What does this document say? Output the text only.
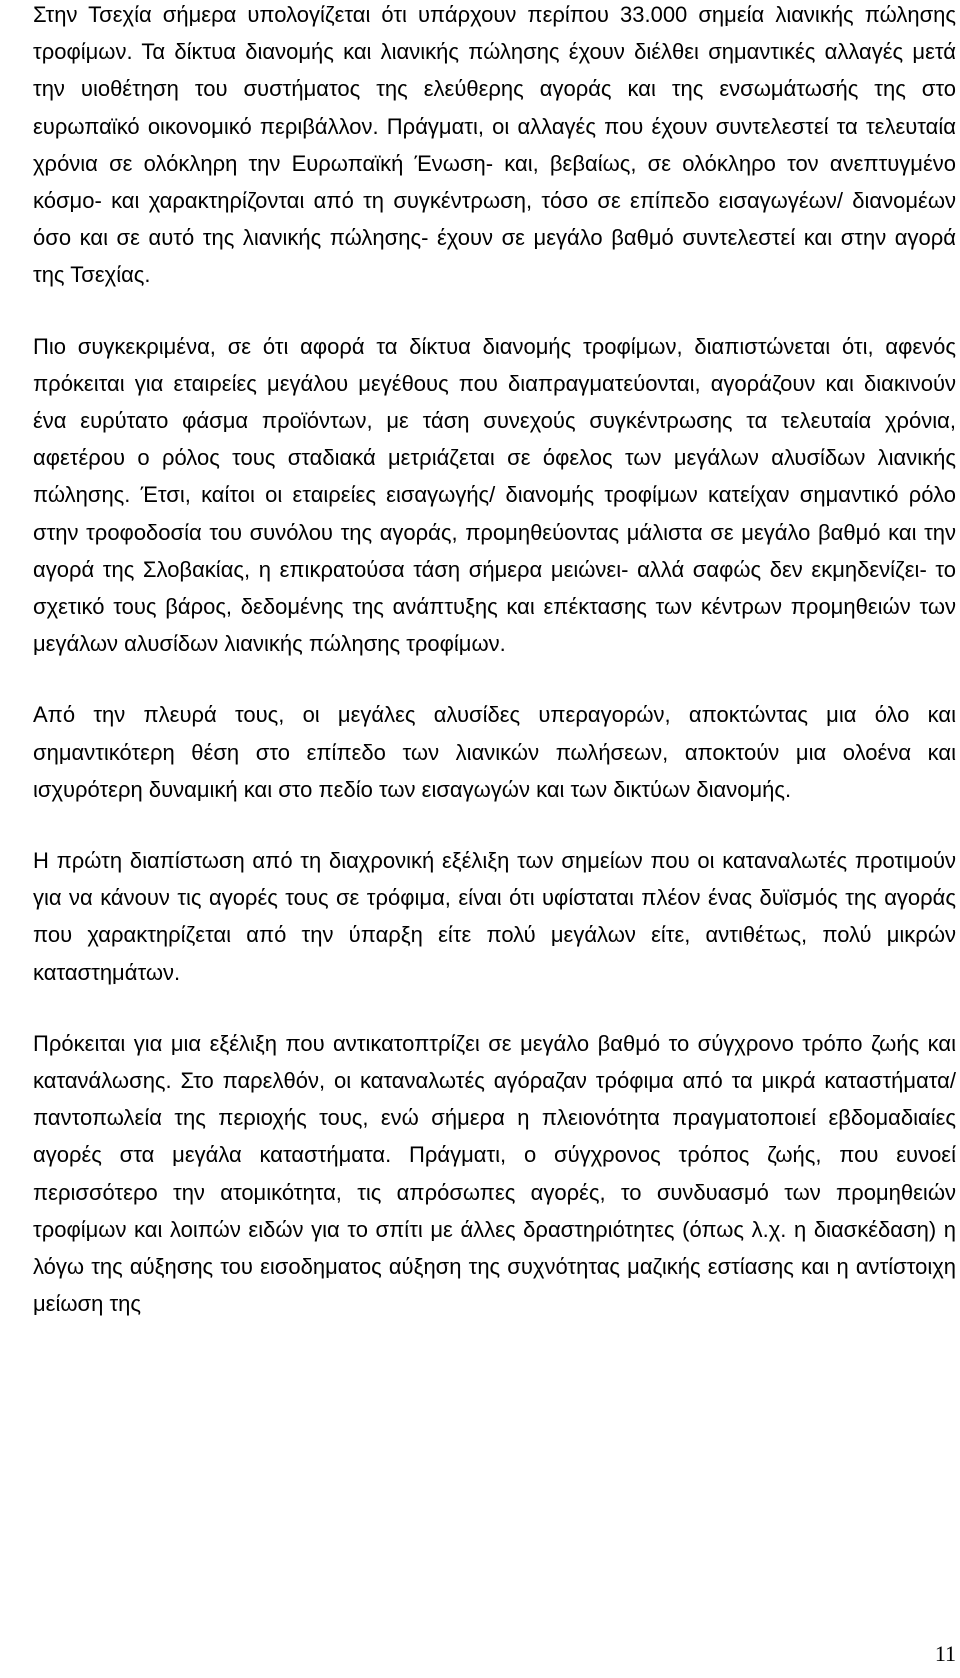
Στην Τσεχία σήμερα υπολογίζεται ότι υπάρχουν περίπου 33.000 σημεία λιανικής πώλησης τροφίμων. Τα δίκτυα διανομής και λιανικής πώλησης έχουν διέλθει σημαντικές αλλαγές μετά την υιοθέτηση του συστήματος της ελεύθερης αγοράς και της ενσωμάτωσής της στο ευρωπαϊκό οικονομικό περιβάλλον. Πράγματι, οι αλλαγές που έχουν συντελεστεί τα τελευταία χρόνια σε ολόκληρη την Ευρωπαϊκή Ένωση- και, βεβαίως, σε ολόκληρο τον ανεπτυγμένο κόσμο- και χαρακτηρίζονται από τη συγκέντρωση, τόσο σε επίπεδο εισαγωγέων/ διανομέων όσο και σε αυτό της λιανικής πώλησης- έχουν σε μεγάλο βαθμό συντελεστεί και στην αγορά της Τσεχίας.

Πιο συγκεκριμένα, σε ότι αφορά τα δίκτυα διανομής τροφίμων, διαπιστώνεται ότι, αφενός πρόκειται για εταιρείες μεγάλου μεγέθους που διαπραγματεύονται, αγοράζουν και διακινούν ένα ευρύτατο φάσμα προϊόντων, με τάση συνεχούς συγκέντρωσης τα τελευταία χρόνια, αφετέρου ο ρόλος τους σταδιακά μετριάζεται σε όφελος των μεγάλων αλυσίδων λιανικής πώλησης. Έτσι, καίτοι οι εταιρείες εισαγωγής/ διανομής τροφίμων κατείχαν σημαντικό ρόλο στην τροφοδοσία του συνόλου της αγοράς, προμηθεύοντας μάλιστα σε μεγάλο βαθμό και την αγορά της Σλοβακίας, η επικρατούσα τάση σήμερα μειώνει- αλλά σαφώς δεν εκμηδενίζει- το σχετικό τους βάρος, δεδομένης της ανάπτυξης και επέκτασης των κέντρων προμηθειών των μεγάλων αλυσίδων λιανικής πώλησης τροφίμων.

Από την πλευρά τους, οι μεγάλες αλυσίδες υπεραγορών, αποκτώντας μια όλο και σημαντικότερη θέση στο επίπεδο των λιανικών πωλήσεων, αποκτούν μια ολοένα και ισχυρότερη δυναμική και στο πεδίο των εισαγωγών και των δικτύων διανομής.

Η πρώτη διαπίστωση από τη διαχρονική εξέλιξη των σημείων που οι καταναλωτές προτιμούν για να κάνουν τις αγορές τους σε τρόφιμα, είναι ότι υφίσταται πλέον ένας δυϊσμός της αγοράς που χαρακτηρίζεται από την ύπαρξη είτε πολύ μεγάλων είτε, αντιθέτως, πολύ μικρών καταστημάτων.

Πρόκειται για μια εξέλιξη που αντικατοπτρίζει σε μεγάλο βαθμό το σύγχρονο τρόπο ζωής και κατανάλωσης. Στο παρελθόν, οι καταναλωτές αγόραζαν τρόφιμα από τα μικρά καταστήματα/ παντοπωλεία της περιοχής τους, ενώ σήμερα η πλειονότητα πραγματοποιεί εβδομαδιαίες αγορές στα μεγάλα καταστήματα. Πράγματι, ο σύγχρονος τρόπος ζωής, που ευνοεί περισσότερο την ατομικότητα, τις απρόσωπες αγορές, το συνδυασμό των προμηθειών τροφίμων και λοιπών ειδών για το σπίτι με άλλες δραστηριότητες (όπως λ.χ. η διασκέδαση) η λόγω της αύξησης του εισοδηματος αύξηση της συχνότητας μαζικής εστίασης και η αντίστοιχη μείωση της

11
